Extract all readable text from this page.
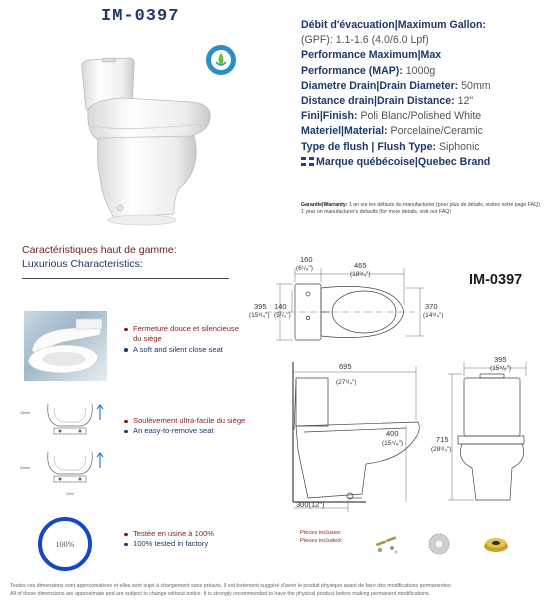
IM-0397	Débit d'évacuation|Maximum Gallon:
(GPF): 1.1-1.6 (4.0/6.0 Lpf)
Performance Maximum|Max
Performance (MAP): 1000g
Diametre Drain|Drain Diameter: 50mm
Distance drain|Drain Distance: 12"
Fini|Finish: Poli Blanc/Polished White
Materiel|Material: Porcelaine/Ceramic
Type de flush | Flush Type: Siphonic
Marque québécoise|Quebec Brand
Garantie|Warranty: 1 an sur les défauts du manufacturier (pour plus de détails, visitez notre page FAQ)
1 year on manufacturer's defaults (for more details, visit our FAQ)
Caractéristiques haut de gamme:
Luxurious Characteristics:
Fermeture douce et silencieuse du siège
A soft and silent close seat
15mm
24mm
12ml
Soulèvement ultra-facile du siège
An easy-to-remove seat
100%
Testée en usine à 100%
100% tested in factory
IM-0397
160
(6¹/₈")	465
(18³/₄")
395
(15³/₄")
140
(5¹/₂")
370
(14³/₄")
695
(27³/₄")
400
(15⁵/₈")
300(12")
395
(15⁵/₈")
715
(28³/₄")
Pièces incluses:
Pieces included:
Toutes ces dimensions sont approximatives et elles sont sujet à changement sans préavis. Il est fortement suggéré d'avoir le produit physique avant de faire des modifications permanentes.
All of those dimensions are approximate and are subject to change without notice. It is strongly recommended to have the physical product before making permanent modifications.
